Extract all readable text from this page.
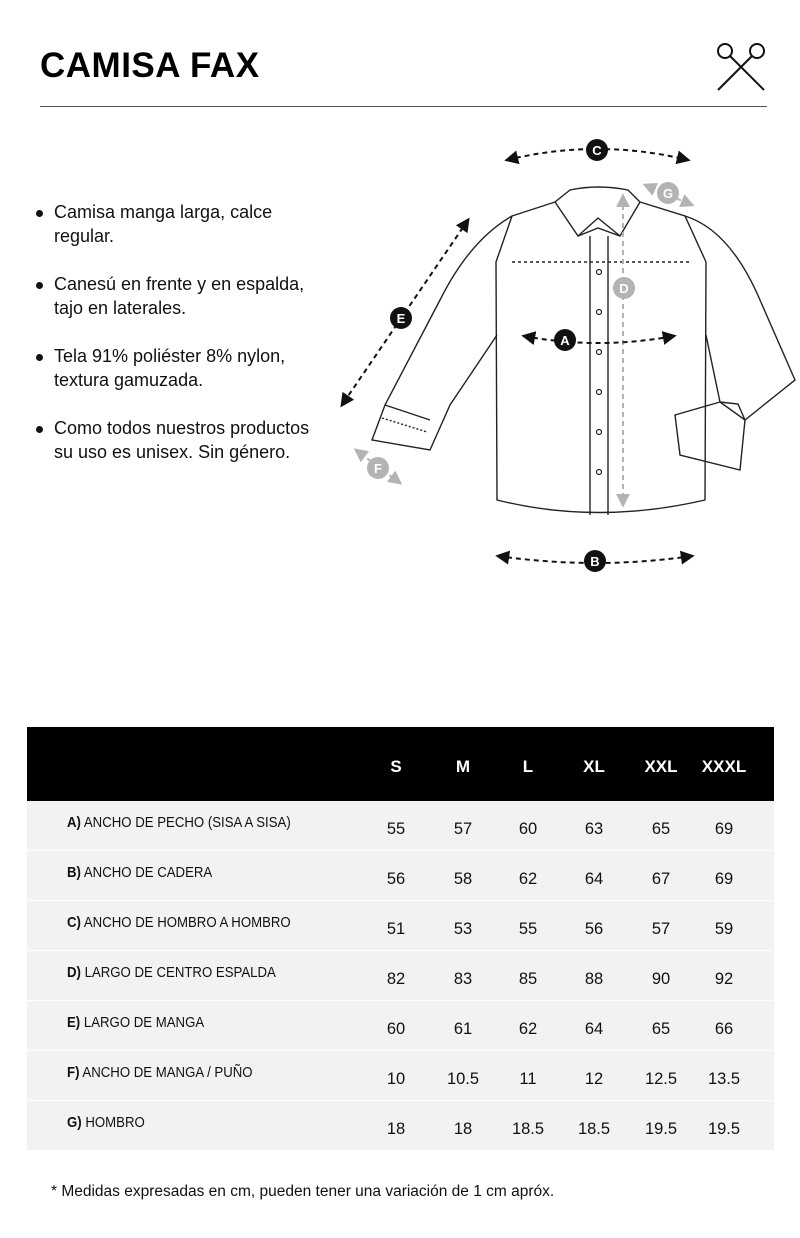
CAMISA FAX
Camisa manga larga, calce regular.
Canesú en frente y en espalda, tajo en laterales.
Tela 91% poliéster 8% nylon, textura gamuzada.
Como todos nuestros productos su uso es unisex. Sin género.
C
G
D
E
A
F
B
S	M	L	XL	XXL	XXXL
A) ANCHO DE PECHO (SISA A SISA)	55	57	60	63	65	69
B) ANCHO DE CADERA	56	58	62	64	67	69
C) ANCHO DE HOMBRO A HOMBRO	51	53	55	56	57	59
D) LARGO DE CENTRO ESPALDA	82	83	85	88	90	92
E) LARGO DE MANGA	60	61	62	64	65	66
F) ANCHO DE MANGA / PUÑO	10	10.5	11	12	12.5	13.5
G) HOMBRO	18	18	18.5	18.5	19.5	19.5
* Medidas expresadas en cm, pueden tener una variación de 1 cm apróx.
